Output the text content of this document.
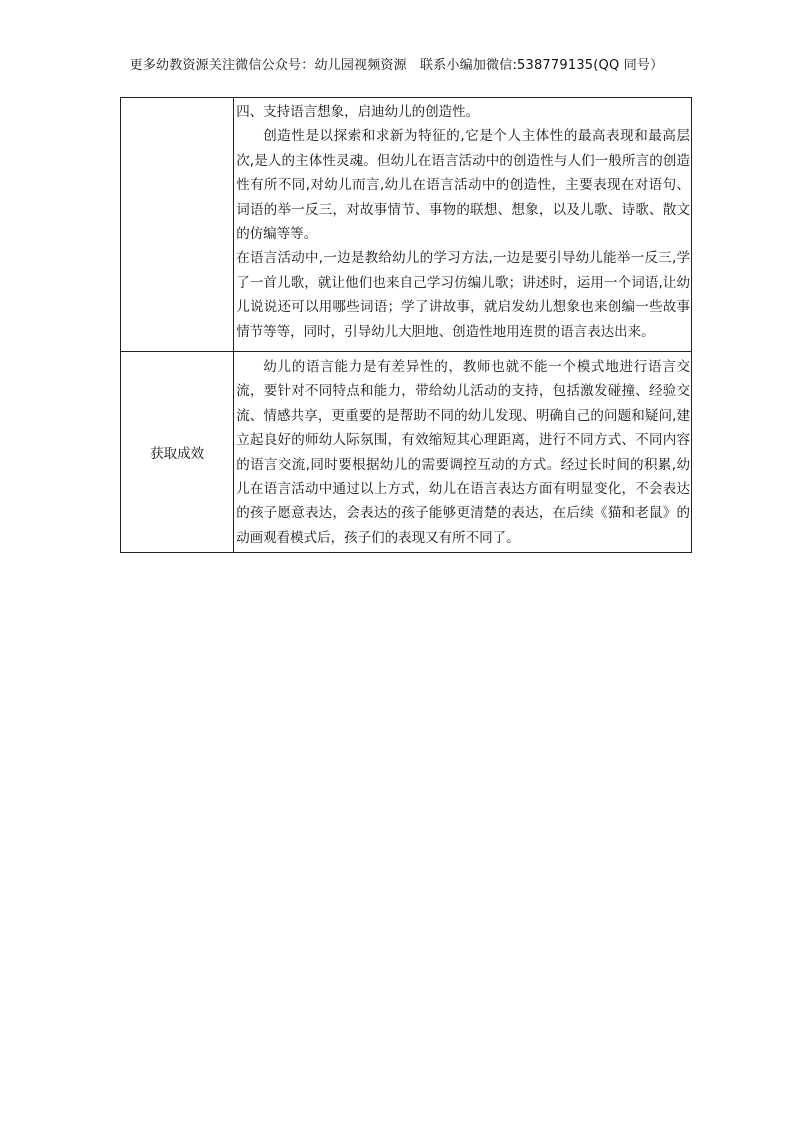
更多幼教资源关注微信公众号：幼儿园视频资源　联系小编加微信:538779135(QQ 同号）

	四、支持语言想象，启迪幼儿的创造性。

创造性是以探索和求新为特征的,它是个人主体性的最高表现和最高层次,是人的主体性灵魂。但幼儿在语言活动中的创造性与人们一般所言的创造性有所不同,对幼儿而言,幼儿在语言活动中的创造性，主要表现在对语句、词语的举一反三，对故事情节、事物的联想、想象，以及儿歌、诗歌、散文的仿编等等。

在语言活动中,一边是教给幼儿的学习方法,一边是要引导幼儿能举一反三,学了一首儿歌，就让他们也来自己学习仿编儿歌；讲述时，运用一个词语,让幼儿说说还可以用哪些词语；学了讲故事，就启发幼儿想象也来创编一些故事情节等等，同时，引导幼儿大胆地、创造性地用连贯的语言表达出来。

获取成效	幼儿的语言能力是有差异性的，教师也就不能一个模式地进行语言交流，要针对不同特点和能力，带给幼儿活动的支持，包括激发碰撞、经验交流、情感共享，更重要的是帮助不同的幼儿发现、明确自己的问题和疑问,建立起良好的师幼人际氛围，有效缩短其心理距离，进行不同方式、不同内容的语言交流,同时要根据幼儿的需要调控互动的方式。经过长时间的积累,幼儿在语言活动中通过以上方式，幼儿在语言表达方面有明显变化，不会表达的孩子愿意表达，会表达的孩子能够更清楚的表达，在后续《猫和老鼠》的动画观看模式后，孩子们的表现又有所不同了。
